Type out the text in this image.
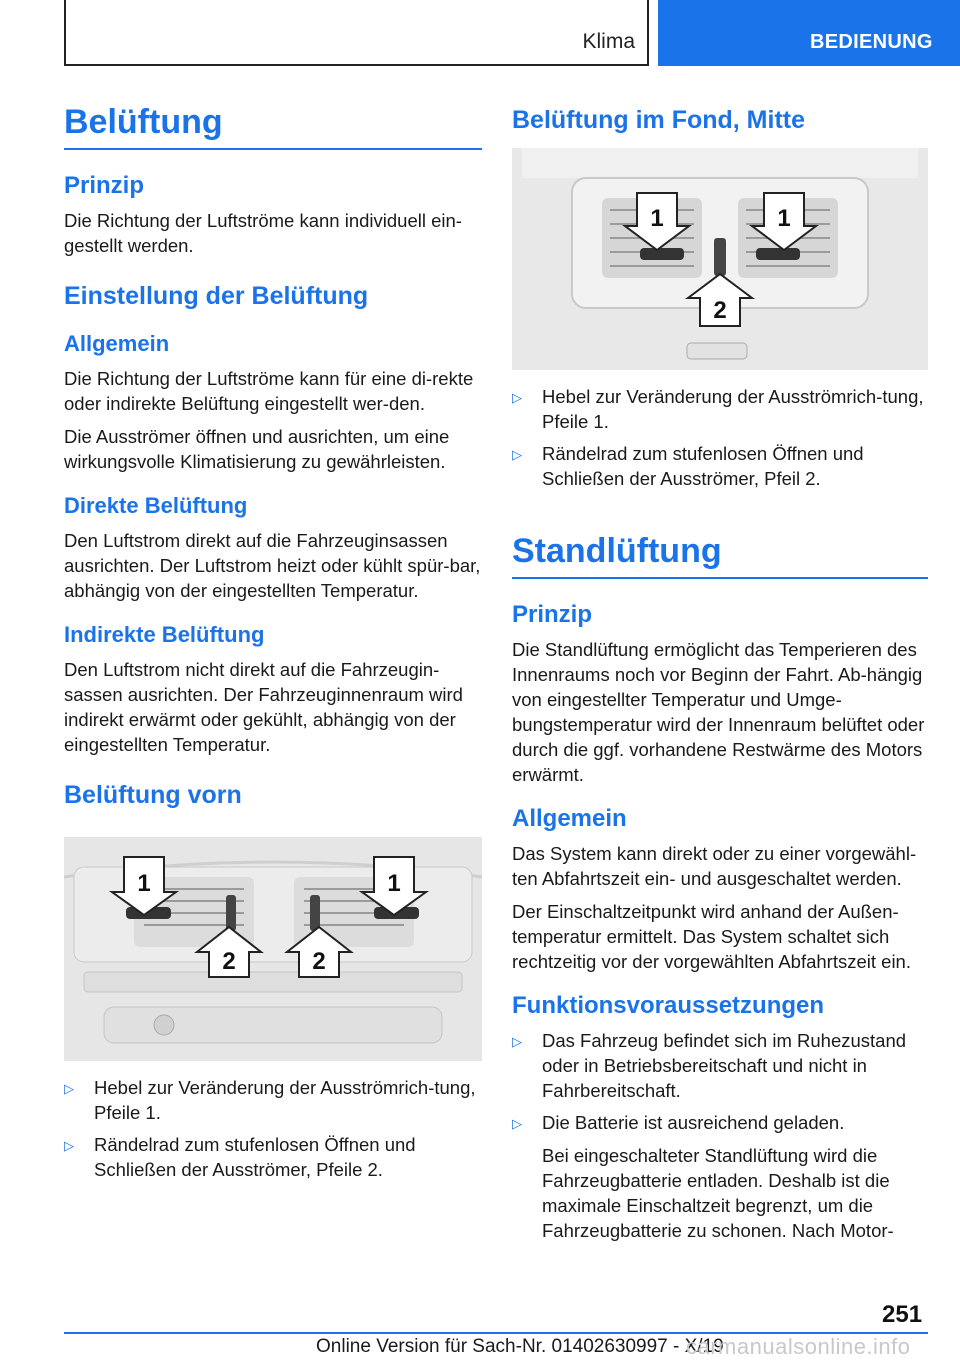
Klima	BEDIENUNG
Belüftung
Prinzip

Die Richtung der Luftströme kann individuell ein-gestellt werden.

Einstellung der Belüftung
Allgemein

Die Richtung der Luftströme kann für eine di-rekte oder indirekte Belüftung eingestellt wer-den.

Die Ausströmer öffnen und ausrichten, um eine wirkungsvolle Klimatisierung zu gewährleisten.

Direkte Belüftung

Den Luftstrom direkt auf die Fahrzeuginsassen ausrichten. Der Luftstrom heizt oder kühlt spür-bar, abhängig von der eingestellten Temperatur.

Indirekte Belüftung

Den Luftstrom nicht direkt auf die Fahrzeugin-sassen ausrichten. Der Fahrzeuginnenraum wird indirekt erwärmt oder gekühlt, abhängig von der eingestellten Temperatur.

Belüftung vorn
1	1
2	2
▷ Hebel zur Veränderung der Ausströmrich-tung, Pfeile 1.
▷ Rändelrad zum stufenlosen Öffnen und Schließen der Ausströmer, Pfeile 2.
Belüftung im Fond, Mitte
1	1
2
▷ Hebel zur Veränderung der Ausströmrich-tung, Pfeile 1.
▷ Rändelrad zum stufenlosen Öffnen und Schließen der Ausströmer, Pfeil 2.
Standlüftung
Prinzip

Die Standlüftung ermöglicht das Temperieren des Innenraums noch vor Beginn der Fahrt. Ab-hängig von eingestellter Temperatur und Umge-bungstemperatur wird der Innenraum belüftet oder durch die ggf. vorhandene Restwärme des Motors erwärmt.

Allgemein

Das System kann direkt oder zu einer vorgewähl-ten Abfahrtszeit ein- und ausgeschaltet werden.

Der Einschaltzeitpunkt wird anhand der Außen-temperatur ermittelt. Das System schaltet sich rechtzeitig vor der vorgewählten Abfahrtszeit ein.

Funktionsvoraussetzungen
▷ Das Fahrzeug befindet sich im Ruhezustand oder in Betriebsbereitschaft und nicht in Fahrbereitschaft.
▷ Die Batterie ist ausreichend geladen.

Bei eingeschalteter Standlüftung wird die Fahrzeugbatterie entladen. Deshalb ist die maximale Einschaltzeit begrenzt, um die Fahrzeugbatterie zu schonen. Nach Motor-

251
Online Version für Sach-Nr. 01402630997 - X/19
carmanualsonline.info
